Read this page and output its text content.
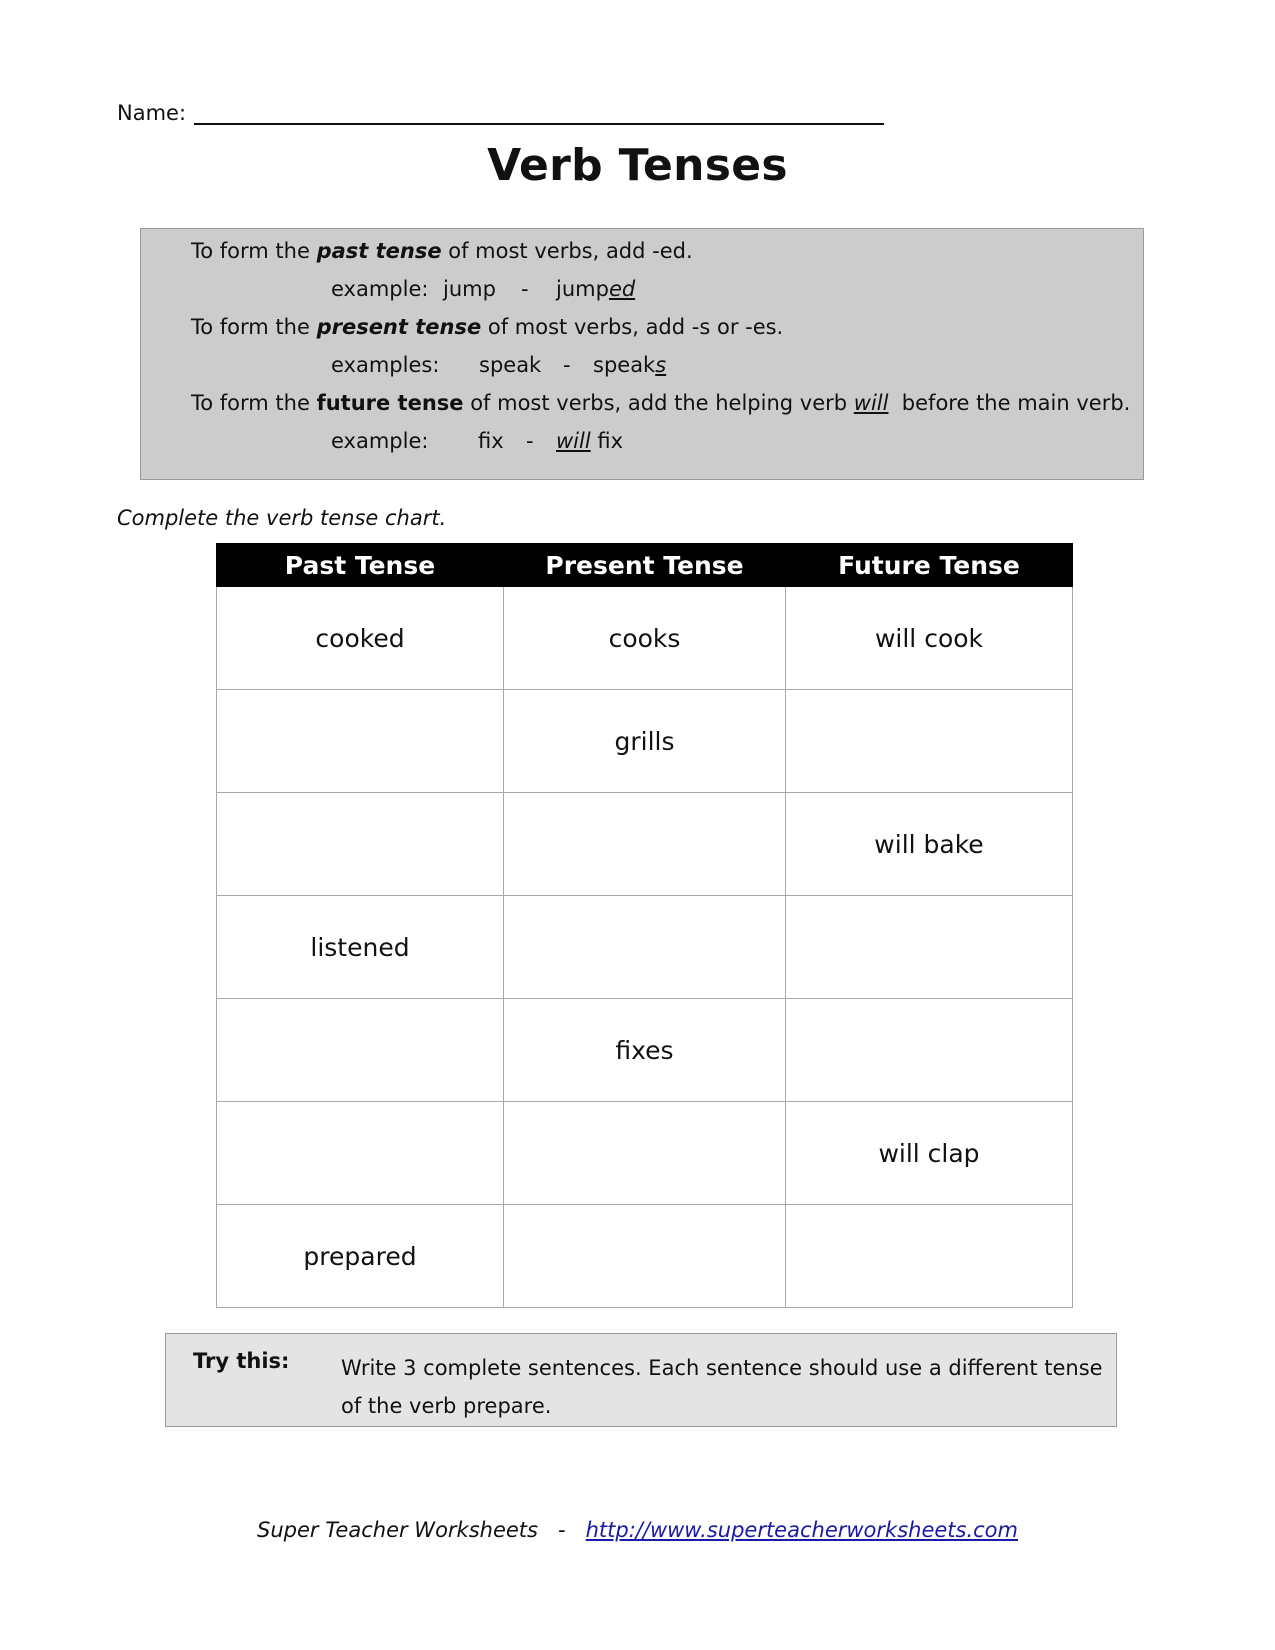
Name:
Verb Tenses
To form the past tense of most verbs, add -ed.
example: jump - jumped
To form the present tense of most verbs, add -s or -es.
examples: speak - speaks
To form the future tense of most verbs, add the helping verb will  before the main verb.
example: fix - will fix
Complete the verb tense chart.
Past Tense	Present Tense	Future Tense
cooked	cooks	will cook
	grills	
		will bake
listened		
	fixes	
		will clap
prepared		
Try this: Write 3 complete sentences. Each sentence should use a different tense of the verb prepare.
Super Teacher Worksheets   -   http://www.superteacherworksheets.com
